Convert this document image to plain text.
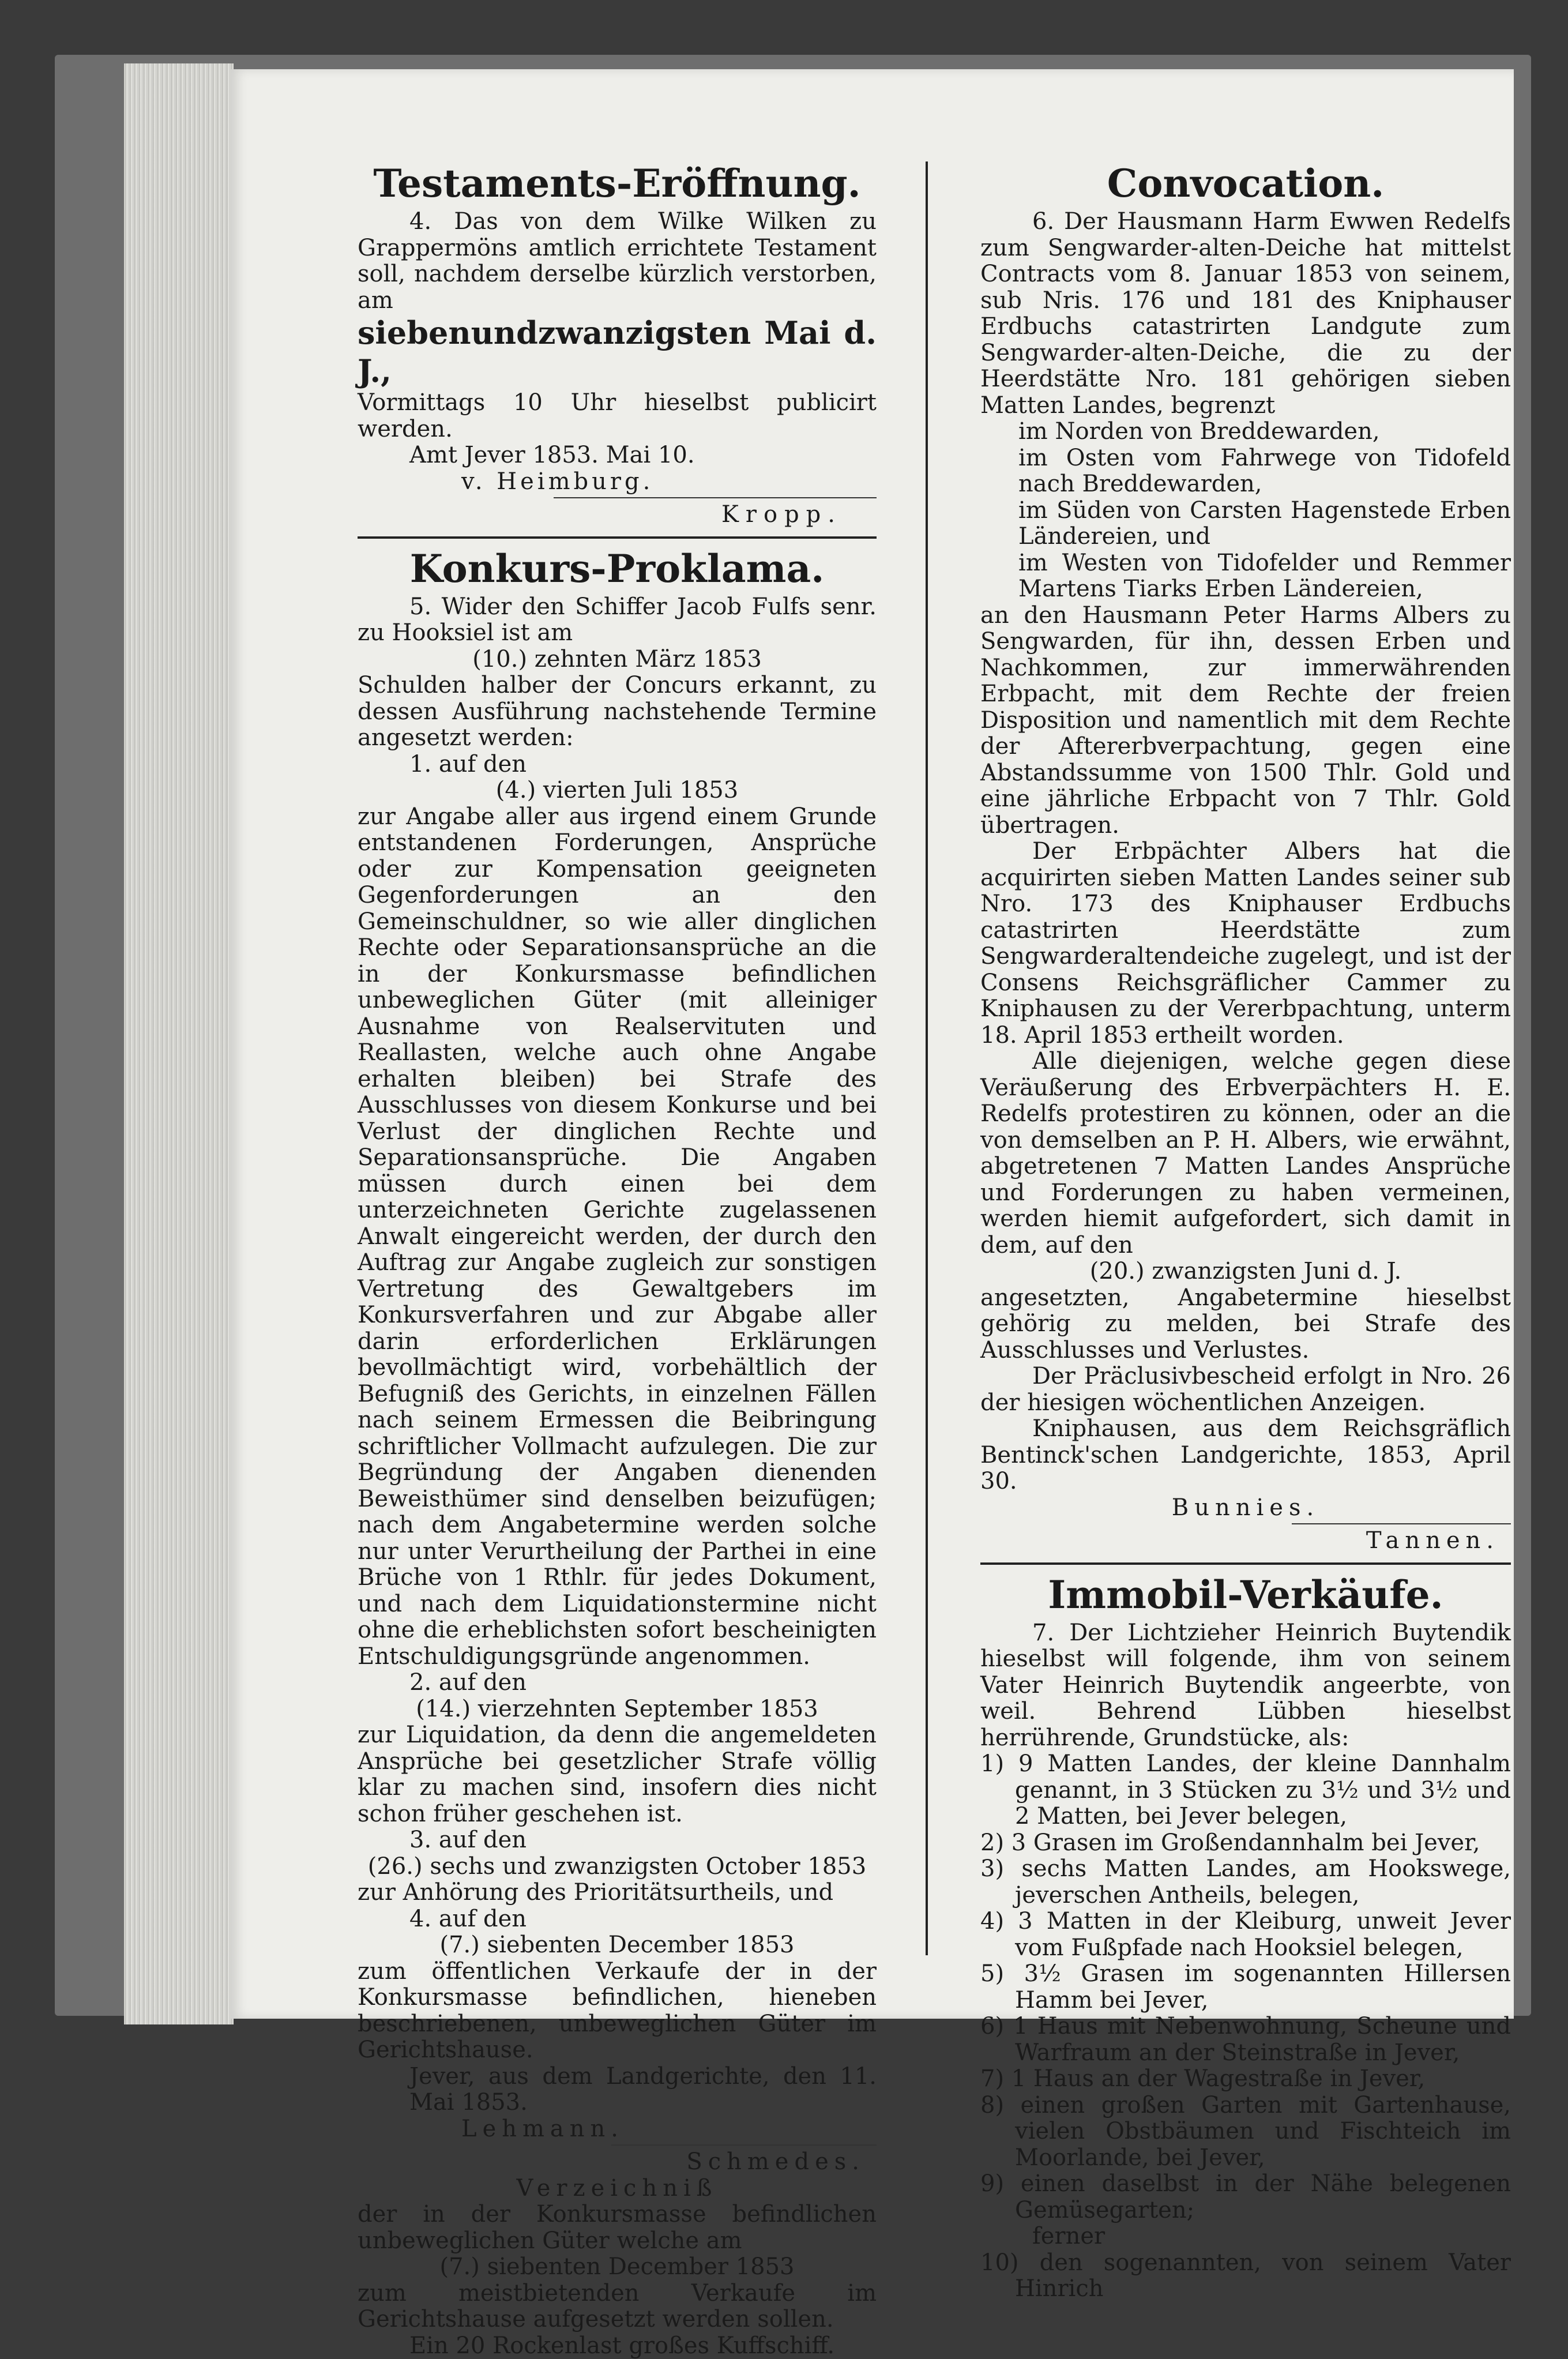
Testaments-Eröffnung.

4. Das von dem Wilke Wilken zu Grappermöns amtlich errichtete Testament soll, nachdem derselbe kürzlich verstorben, am

siebenundzwanzigsten Mai d. J.,

Vormittags 10 Uhr hieselbst publicirt werden.

Amt Jever 1853. Mai 10.

v. Heimburg.

Kropp.

Konkurs-Proklama.

5. Wider den Schiffer Jacob Fulfs senr. zu Hooksiel ist am

(10.) zehnten März 1853

Schulden halber der Concurs erkannt, zu dessen Ausführung nachstehende Termine angesetzt werden:

1. auf den

(4.) vierten Juli 1853

zur Angabe aller aus irgend einem Grunde entstandenen Forderungen, Ansprüche oder zur Kompensation geeigneten Gegenforderungen an den Gemeinschuldner, so wie aller dinglichen Rechte oder Separationsansprüche an die in der Konkursmasse befindlichen unbeweglichen Güter (mit alleiniger Ausnahme von Realservituten und Reallasten, welche auch ohne Angabe erhalten bleiben) bei Strafe des Ausschlusses von diesem Konkurse und bei Verlust der dinglichen Rechte und Separationsansprüche. Die Angaben müssen durch einen bei dem unterzeichneten Gerichte zugelassenen Anwalt eingereicht werden, der durch den Auftrag zur Angabe zugleich zur sonstigen Vertretung des Gewaltgebers im Konkursverfahren und zur Abgabe aller darin erforderlichen Erklärungen bevollmächtigt wird, vorbehältlich der Befugniß des Gerichts, in einzelnen Fällen nach seinem Ermessen die Beibringung schriftlicher Vollmacht aufzulegen. Die zur Begründung der Angaben dienenden Beweisthümer sind denselben beizufügen; nach dem Angabetermine werden solche nur unter Verurtheilung der Parthei in eine Brüche von 1 Rthlr. für jedes Dokument, und nach dem Liquidationstermine nicht ohne die erheblichsten sofort bescheinigten Entschuldigungsgründe angenommen.

2. auf den

(14.) vierzehnten September 1853

zur Liquidation, da denn die angemeldeten Ansprüche bei gesetzlicher Strafe völlig klar zu machen sind, insofern dies nicht schon früher geschehen ist.

3. auf den

(26.) sechs und zwanzigsten October 1853

zur Anhörung des Prioritätsurtheils, und

4. auf den

(7.) siebenten December 1853

zum öffentlichen Verkaufe der in der Konkursmasse befindlichen, hieneben beschriebenen, unbeweglichen Güter im Gerichtshause.

Jever, aus dem Landgerichte, den 11. Mai 1853.

Lehmann.

Schmedes.

Verzeichniß

der in der Konkursmasse befindlichen unbeweglichen Güter welche am

(7.) siebenten December 1853

zum meistbietenden Verkaufe im Gerichtshause aufgesetzt werden sollen.

Ein 20 Rockenlast großes Kuffschiff.

Convocation.

6. Der Hausmann Harm Ewwen Redelfs zum Sengwarder-alten-Deiche hat mittelst Contracts vom 8. Januar 1853 von seinem, sub Nris. 176 und 181 des Kniphauser Erdbuchs catastrirten Landgute zum Sengwarder-alten-Deiche, die zu der Heerdstätte Nro. 181 gehörigen sieben Matten Landes, begrenzt

im Norden von Breddewarden,

im Osten vom Fahrwege von Tidofeld nach Breddewarden,

im Süden von Carsten Hagenstede Erben Ländereien, und

im Westen von Tidofelder und Remmer Martens Tiarks Erben Ländereien,

an den Hausmann Peter Harms Albers zu Sengwarden, für ihn, dessen Erben und Nachkommen, zur immerwährenden Erbpacht, mit dem Rechte der freien Disposition und namentlich mit dem Rechte der Aftererbverpachtung, gegen eine Abstandssumme von 1500 Thlr. Gold und eine jährliche Erbpacht von 7 Thlr. Gold übertragen.

Der Erbpächter Albers hat die acquirirten sieben Matten Landes seiner sub Nro. 173 des Kniphauser Erdbuchs catastrirten Heerdstätte zum Sengwarderaltendeiche zugelegt, und ist der Consens Reichsgräflicher Cammer zu Kniphausen zu der Vererbpachtung, unterm 18. April 1853 ertheilt worden.

Alle diejenigen, welche gegen diese Veräußerung des Erbverpächters H. E. Redelfs protestiren zu können, oder an die von demselben an P. H. Albers, wie erwähnt, abgetretenen 7 Matten Landes Ansprüche und Forderungen zu haben vermeinen, werden hiemit aufgefordert, sich damit in dem, auf den

(20.) zwanzigsten Juni d. J.

angesetzten, Angabetermine hieselbst gehörig zu melden, bei Strafe des Ausschlusses und Verlustes.

Der Präclusivbescheid erfolgt in Nro. 26 der hiesigen wöchentlichen Anzeigen.

Kniphausen, aus dem Reichsgräflich Bentinck'schen Landgerichte, 1853, April 30.

Bunnies.

Tannen.

Immobil-Verkäufe.

7. Der Lichtzieher Heinrich Buytendik hieselbst will folgende, ihm von seinem Vater Heinrich Buytendik angeerbte, von weil. Behrend Lübben hieselbst herrührende, Grundstücke, als:

1) 9 Matten Landes, der kleine Dannhalm genannt, in 3 Stücken zu 3½ und 3½ und 2 Matten, bei Jever belegen,

2) 3 Grasen im Großendannhalm bei Jever,

3) sechs Matten Landes, am Hookswege, jeverschen Antheils, belegen,

4) 3 Matten in der Kleiburg, unweit Jever vom Fußpfade nach Hooksiel belegen,

5) 3½ Grasen im sogenannten Hillersen Hamm bei Jever,

6) 1 Haus mit Nebenwohnung, Scheune und Warfraum an der Steinstraße in Jever,

7) 1 Haus an der Wagestraße in Jever,

8) einen großen Garten mit Gartenhause, vielen Obstbäumen und Fischteich im Moorlande, bei Jever,

9) einen daselbst in der Nähe belegenen Gemüsegarten;

ferner

10) den sogenannten, von seinem Vater Hinrich
